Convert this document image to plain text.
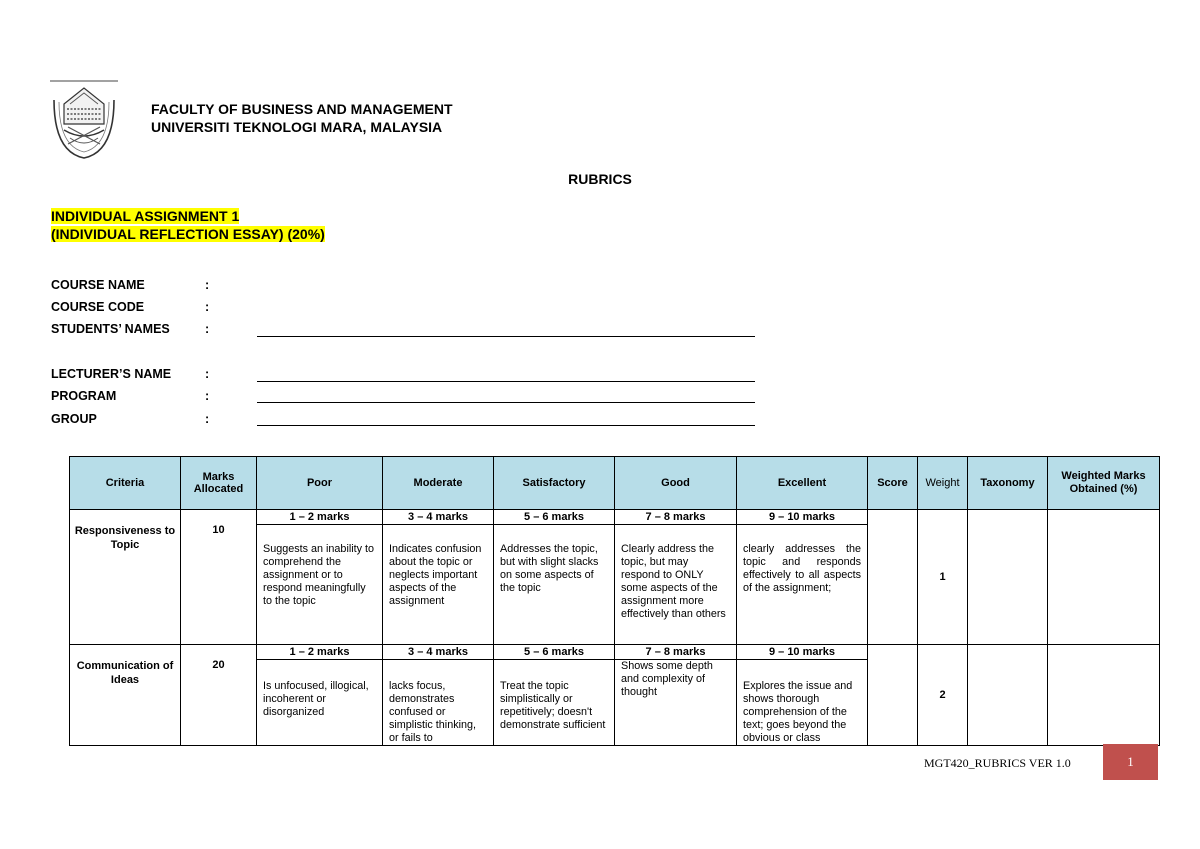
FACULTY OF BUSINESS AND MANAGEMENT
UNIVERSITI TEKNOLOGI MARA, MALAYSIA
RUBRICS
INDIVIDUAL ASSIGNMENT 1
(INDIVIDUAL REFLECTION ESSAY) (20%)
COURSE NAME	:
COURSE CODE	:
STUDENTS’ NAMES	:
LECTURER’S NAME	:
PROGRAM	:
GROUP	:
Criteria	Marks Allocated	Poor	Moderate	Satisfactory	Good	Excellent	Score	Weight	Taxonomy	Weighted Marks Obtained (%)
Responsiveness to Topic	10	1 – 2 marks	3 – 4 marks	5 – 6 marks	7 – 8 marks	9 – 10 marks		1		

		Suggests an inability to comprehend the assignment or to respond meaningfully to the topic	Indicates confusion about the topic or neglects important aspects of the assignment	Addresses the topic, but with slight slacks on some aspects of the topic	Clearly address the topic, but may respond to ONLY some aspects of the assignment more effectively than others	clearly addresses the topic and responds effectively to all aspects of the assignment;				

Communication of Ideas	20	1 – 2 marks	3 – 4 marks	5 – 6 marks	7 – 8 marks	9 – 10 marks		2		

		Is unfocused, illogical, incoherent or disorganized	lacks focus, demonstrates confused or simplistic thinking, or fails to	Treat the topic simplistically or repetitively; doesn't demonstrate sufficient	Shows some depth and complexity of thought	Explores the issue and shows thorough comprehension of the text; goes beyond the obvious or class				
MGT420_RUBRICS VER 1.0	1
